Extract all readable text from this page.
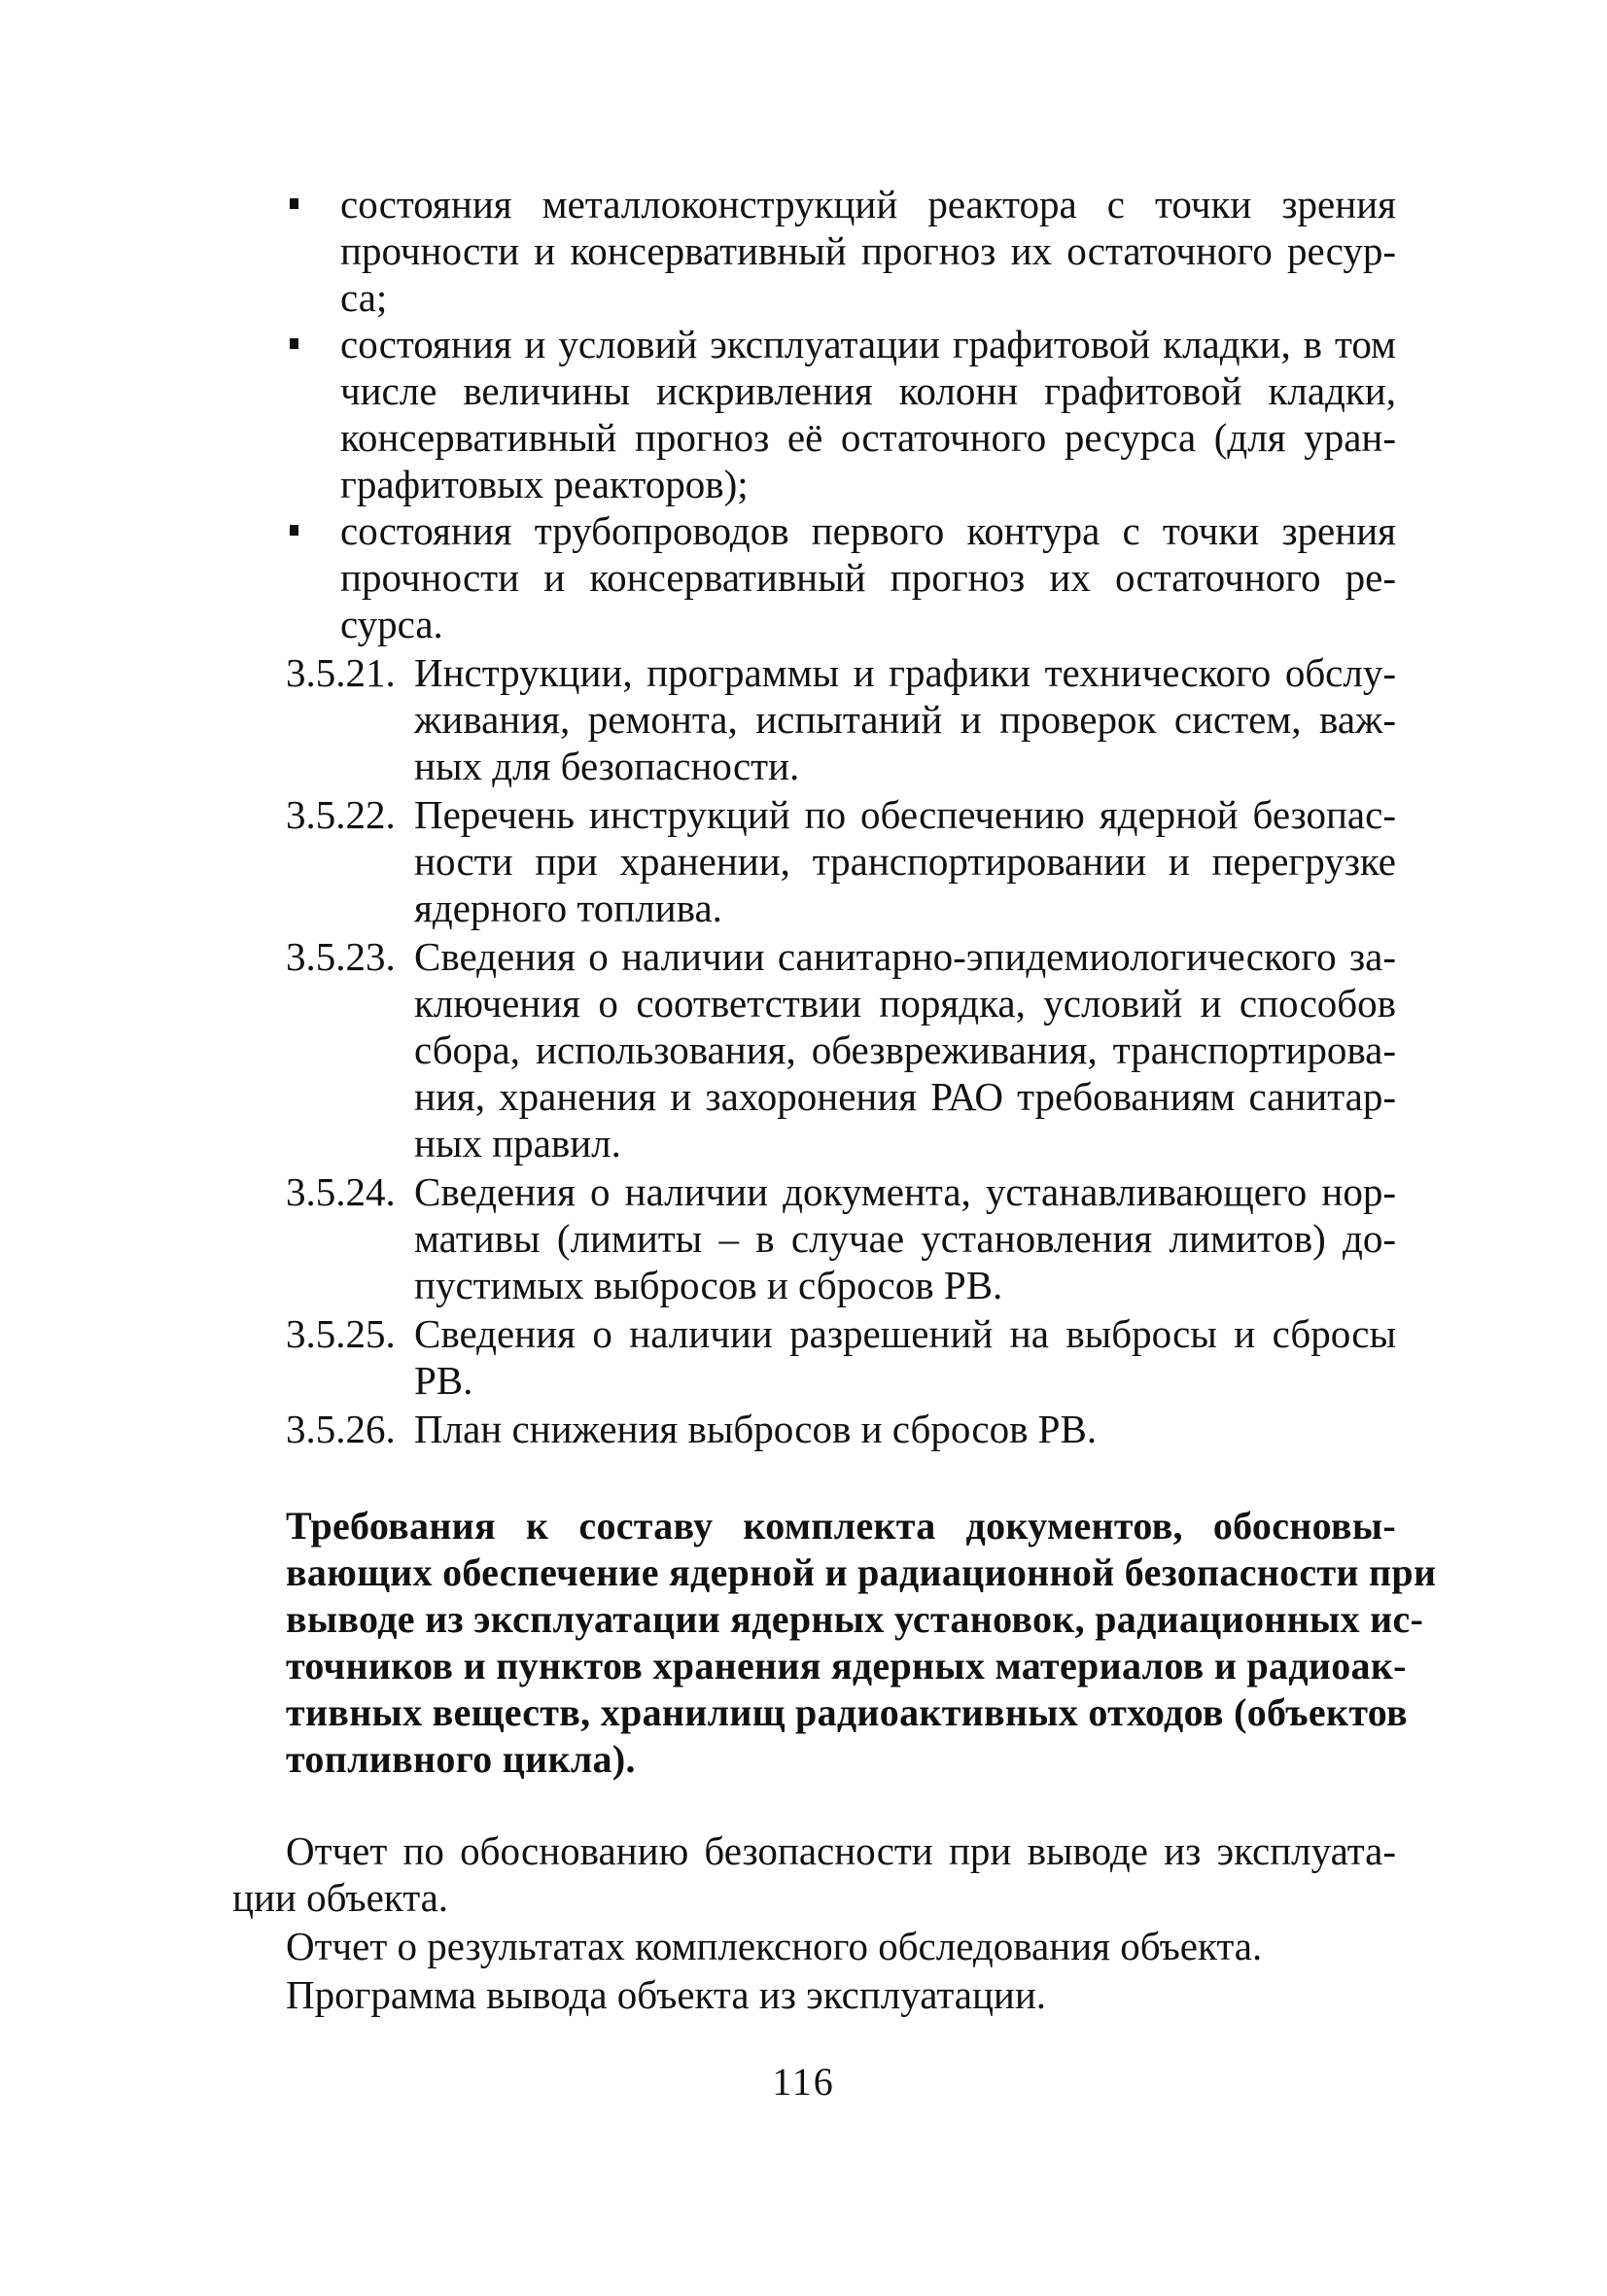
состояния металлоконструкций реактора с точки зрения
прочности и консервативный прогноз их остаточного ресур-
са;
состояния и условий эксплуатации графитовой кладки, в том
числе величины искривления колонн графитовой кладки,
консервативный прогноз её остаточного ресурса (для уран-
графитовых реакторов);
состояния трубопроводов первого контура с точки зрения
прочности и консервативный прогноз их остаточного ре-
сурса.
3.5.21. Инструкции, программы и графики технического обслу-
живания, ремонта, испытаний и проверок систем, важ-
ных для безопасности.
3.5.22. Перечень инструкций по обеспечению ядерной безопас-
ности при хранении, транспортировании и перегрузке
ядерного топлива.
3.5.23. Сведения о наличии санитарно-эпидемиологического за-
ключения о соответствии порядка, условий и способов
сбора, использования, обезвреживания, транспортирова-
ния, хранения и захоронения РАО требованиям санитар-
ных правил.
3.5.24. Сведения о наличии документа, устанавливающего нор-
мативы (лимиты – в случае установления лимитов) до-
пустимых выбросов и сбросов РВ.
3.5.25. Сведения о наличии разрешений на выбросы и сбросы
РВ.
3.5.26. План снижения выбросов и сбросов РВ.
Требования к составу комплекта документов, обосновы-
вающих обеспечение ядерной и радиационной безопасности при
выводе из эксплуатации ядерных установок, радиационных ис-
точников и пунктов хранения ядерных материалов и радиоак-
тивных веществ, хранилищ радиоактивных отходов (объектов
топливного цикла).
Отчет по обоснованию безопасности при выводе из эксплуата-
ции объекта.
Отчет о результатах комплексного обследования объекта.
Программа вывода объекта из эксплуатации.
116
